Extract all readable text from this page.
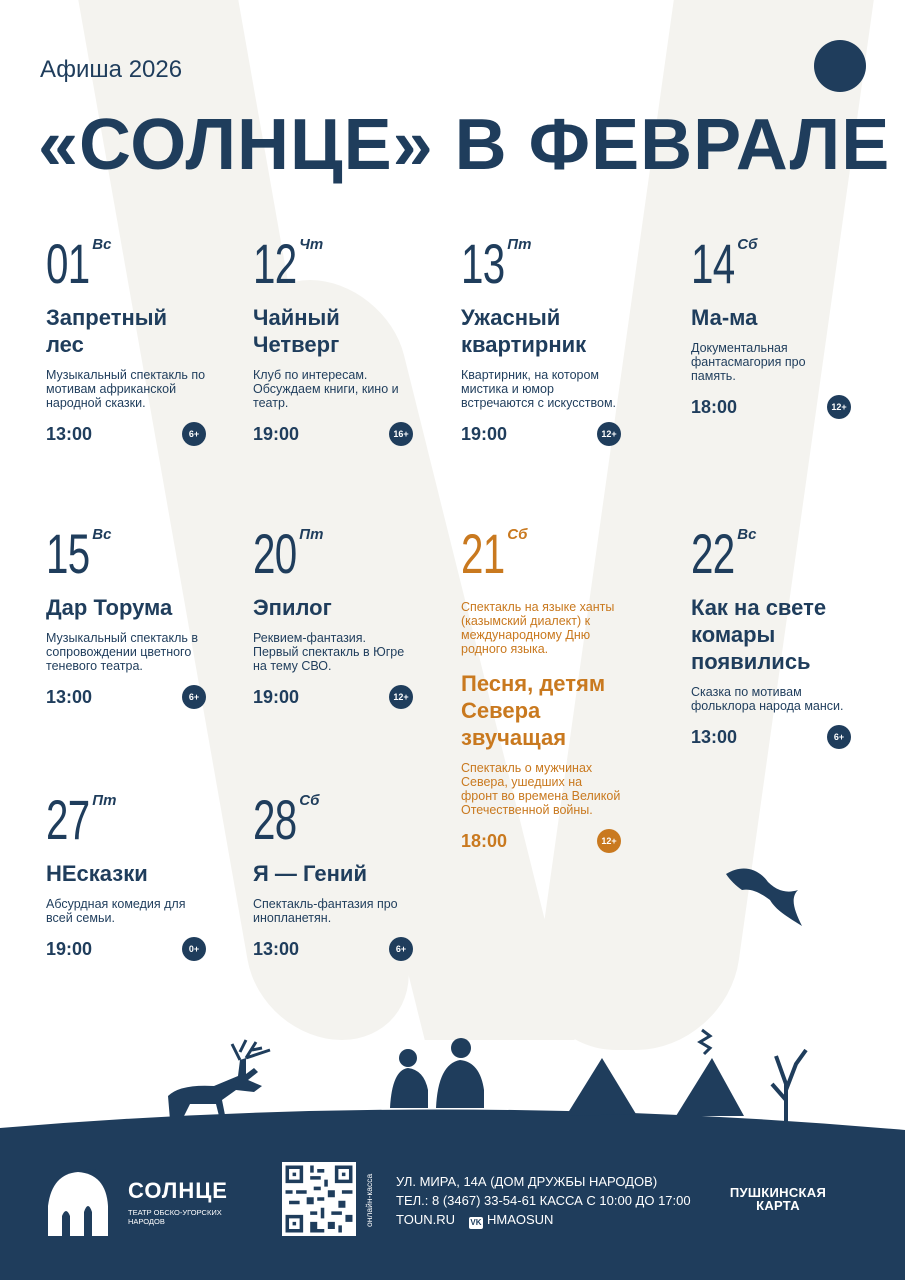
Афиша 2026
«СОЛНЦЕ» В ФЕВРАЛЕ
01 Вс
Запретный лес
Музыкальный спектакль по мотивам африканской народной сказки.
13:00	6+
12 Чт
Чайный Четверг
Клуб по интересам. Обсуждаем книги, кино и театр.
19:00	16+
13 Пт
Ужасный квартирник
Квартирник, на котором мистика и юмор встречаются с искусством.
19:00	12+
14 Сб
Ма-ма
Документальная фантасмагория про память.
18:00	12+
15 Вс
Дар Торума
Музыкальный спектакль в сопровождении цветного теневого театра.
13:00	6+
20 Пт
Эпилог
Реквием-фантазия. Первый спектакль в Югре на тему СВО.
19:00	12+
21 Сб
Спектакль на языке ханты (казымский диалект) к международному Дню родного языка.
Песня, детям Севера звучащая
Спектакль о мужчинах Севера, ушедших на фронт во времена Великой Отечественной войны.
18:00	12+
22 Вс
Как на свете комары появились
Сказка по мотивам фольклора народа манси.
13:00	6+
27 Пт
НЕсказки
Абсурдная комедия для всей семьи.
19:00	0+
28 Сб
Я — Гений
Спектакль-фантазия про инопланетян.
13:00	6+
СОЛНЦЕ
ТЕАТР ОБСКО-УГОРСКИХ НАРОДОВ	онлайн-касса УЛ. МИРА, 14А (ДОМ ДРУЖБЫ НАРОДОВ)
ТЕЛ.: 8 (3467) 33-54-61 КАССА С 10:00 ДО 17:00
TOUN.RU VK HMAOSUN
ПУШКИНСКАЯ
КАРТА
